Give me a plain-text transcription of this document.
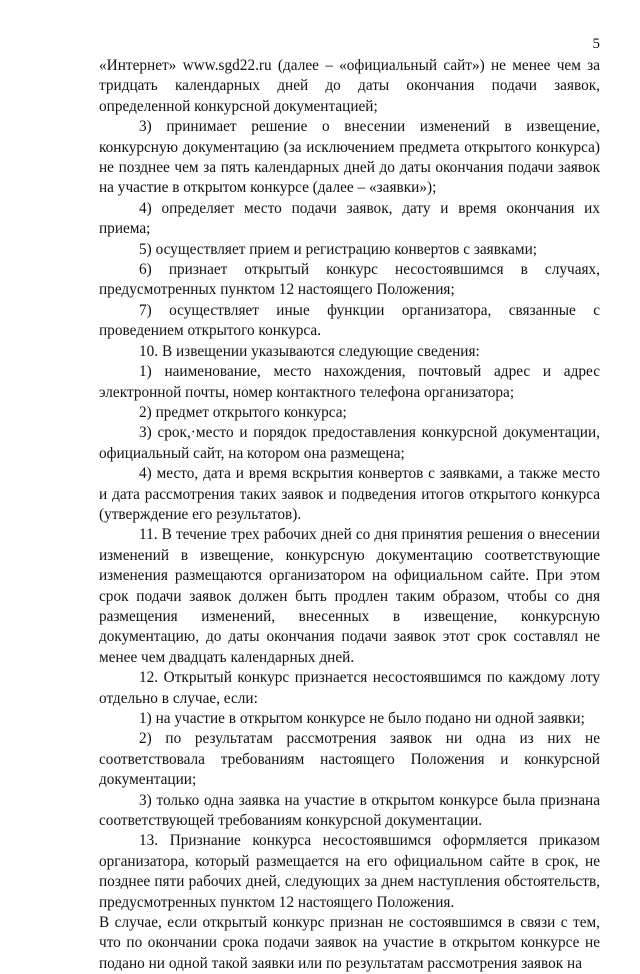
5

«Интернет» www.sgd22.ru (далее – «официальный сайт») не менее чем за тридцать календарных дней до даты окончания подачи заявок, определенной конкурсной документацией;

3) принимает решение о внесении изменений в извещение, конкурсную документацию (за исключением предмета открытого конкурса) не позднее чем за пять календарных дней до даты окончания подачи заявок на участие в открытом конкурсе (далее – «заявки»);

4) определяет место подачи заявок, дату и время окончания их приема;

5) осуществляет прием и регистрацию конвертов с заявками;

6) признает открытый конкурс несостоявшимся в случаях, предусмотренных пунктом 12 настоящего Положения;

7) осуществляет иные функции организатора, связанные с проведением открытого конкурса.

10. В извещении указываются следующие сведения:

1) наименование, место нахождения, почтовый адрес и адрес электронной почты, номер контактного телефона организатора;

2) предмет открытого конкурса;

3) срок,·место и порядок предоставления конкурсной документации, официальный сайт, на котором она размещена;

4) место, дата и время вскрытия конвертов с заявками, а также место и дата рассмотрения таких заявок и подведения итогов открытого конкурса (утверждение его результатов).

11. В течение трех рабочих дней со дня принятия решения о внесении изменений в извещение, конкурсную документацию соответствующие изменения размещаются организатором на официальном сайте. При этом срок подачи заявок должен быть продлен таким образом, чтобы со дня размещения изменений, внесенных в извещение, конкурсную документацию, до даты окончания подачи заявок этот срок составлял не менее чем двадцать календарных дней.

12. Открытый конкурс признается несостоявшимся по каждому лоту отдельно в случае, если:

1) на участие в открытом конкурсе не было подано ни одной заявки;

2) по результатам рассмотрения заявок ни одна из них не соответствовала требованиям настоящего Положения и конкурсной документации;

3) только одна заявка на участие в открытом конкурсе была признана соответствующей требованиям конкурсной документации.

13. Признание конкурса несостоявшимся оформляется приказом организатора, который размещается на его официальном сайте в срок, не позднее пяти рабочих дней, следующих за днем наступления обстоятельств, предусмотренных пунктом 12 настоящего Положения.

В случае, если открытый конкурс признан не состоявшимся в связи с тем, что по окончании срока подачи заявок на участие в открытом конкурсе не подано ни одной такой заявки или по результатам рассмотрения заявок на
